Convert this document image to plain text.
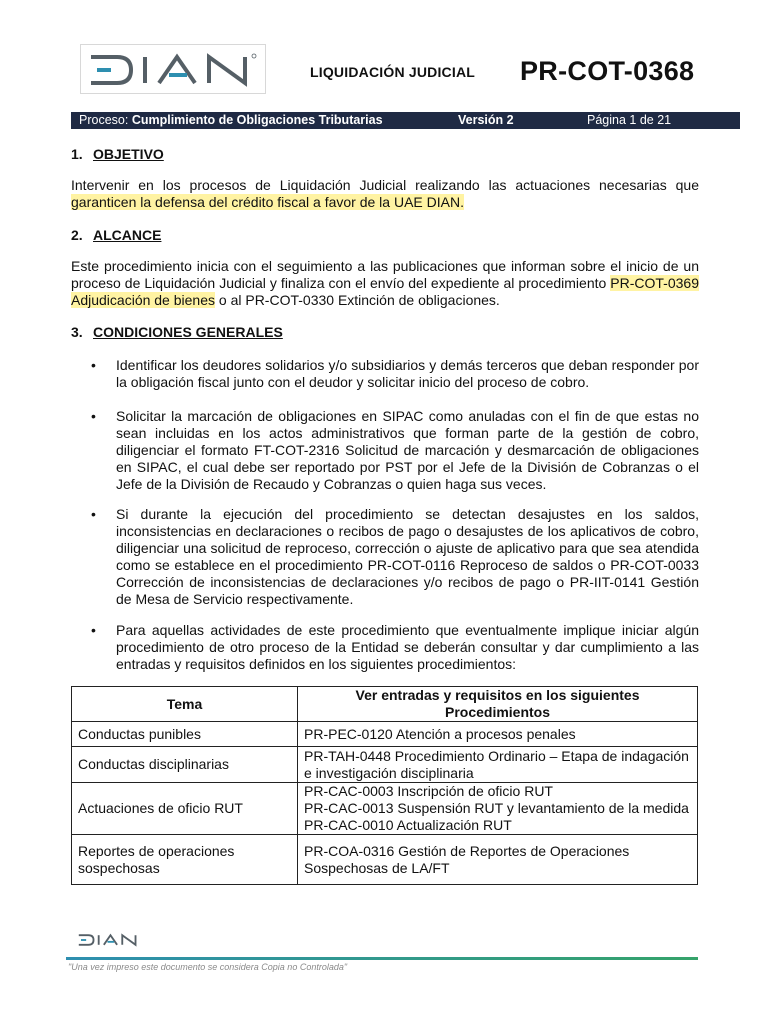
LIQUIDACIÓN JUDICIAL PR-COT-0368
Proceso: Cumplimiento de Obligaciones Tributarias	Versión 2	Página 1 de 21
1. OBJETIVO
Intervenir en los procesos de Liquidación Judicial realizando las actuaciones necesarias que garanticen la defensa del crédito fiscal a favor de la UAE DIAN.
2. ALCANCE
Este procedimiento inicia con el seguimiento a las publicaciones que informan sobre el inicio de un proceso de Liquidación Judicial y finaliza con el envío del expediente al procedimiento PR-COT-0369 Adjudicación de bienes o al PR-COT-0330 Extinción de obligaciones.
3. CONDICIONES GENERALES
• Identificar los deudores solidarios y/o subsidiarios y demás terceros que deban responder por la obligación fiscal junto con el deudor y solicitar inicio del proceso de cobro.
• Solicitar la marcación de obligaciones en SIPAC como anuladas con el fin de que estas no sean incluidas en los actos administrativos que forman parte de la gestión de cobro, diligenciar el formato FT-COT-2316 Solicitud de marcación y desmarcación de obligaciones en SIPAC, el cual debe ser reportado por PST por el Jefe de la División de Cobranzas o el Jefe de la División de Recaudo y Cobranzas o quien haga sus veces.
• Si durante la ejecución del procedimiento se detectan desajustes en los saldos, inconsistencias en declaraciones o recibos de pago o desajustes de los aplicativos de cobro, diligenciar una solicitud de reproceso, corrección o ajuste de aplicativo para que sea atendida como se establece en el procedimiento PR-COT-0116 Reproceso de saldos o PR-COT-0033 Corrección de inconsistencias de declaraciones y/o recibos de pago o PR-IIT-0141 Gestión de Mesa de Servicio respectivamente.
• Para aquellas actividades de este procedimiento que eventualmente implique iniciar algún procedimiento de otro proceso de la Entidad se deberán consultar y dar cumplimiento a las entradas y requisitos definidos en los siguientes procedimientos:
Tema	Ver entradas y requisitos en los siguientes Procedimientos
Conductas punibles	PR-PEC-0120 Atención a procesos penales

Conductas disciplinarias	PR-TAH-0448 Procedimiento Ordinario – Etapa de indagación e investigación disciplinaria

Actuaciones de oficio RUT	PR-CAC-0003 Inscripción de oficio RUT
PR-CAC-0013 Suspensión RUT y levantamiento de la medida
PR-CAC-0010 Actualización RUT

Reportes de operaciones sospechosas	PR-COA-0316 Gestión de Reportes de Operaciones Sospechosas de LA/FT
"Una vez impreso este documento se considera Copia no Controlada"
